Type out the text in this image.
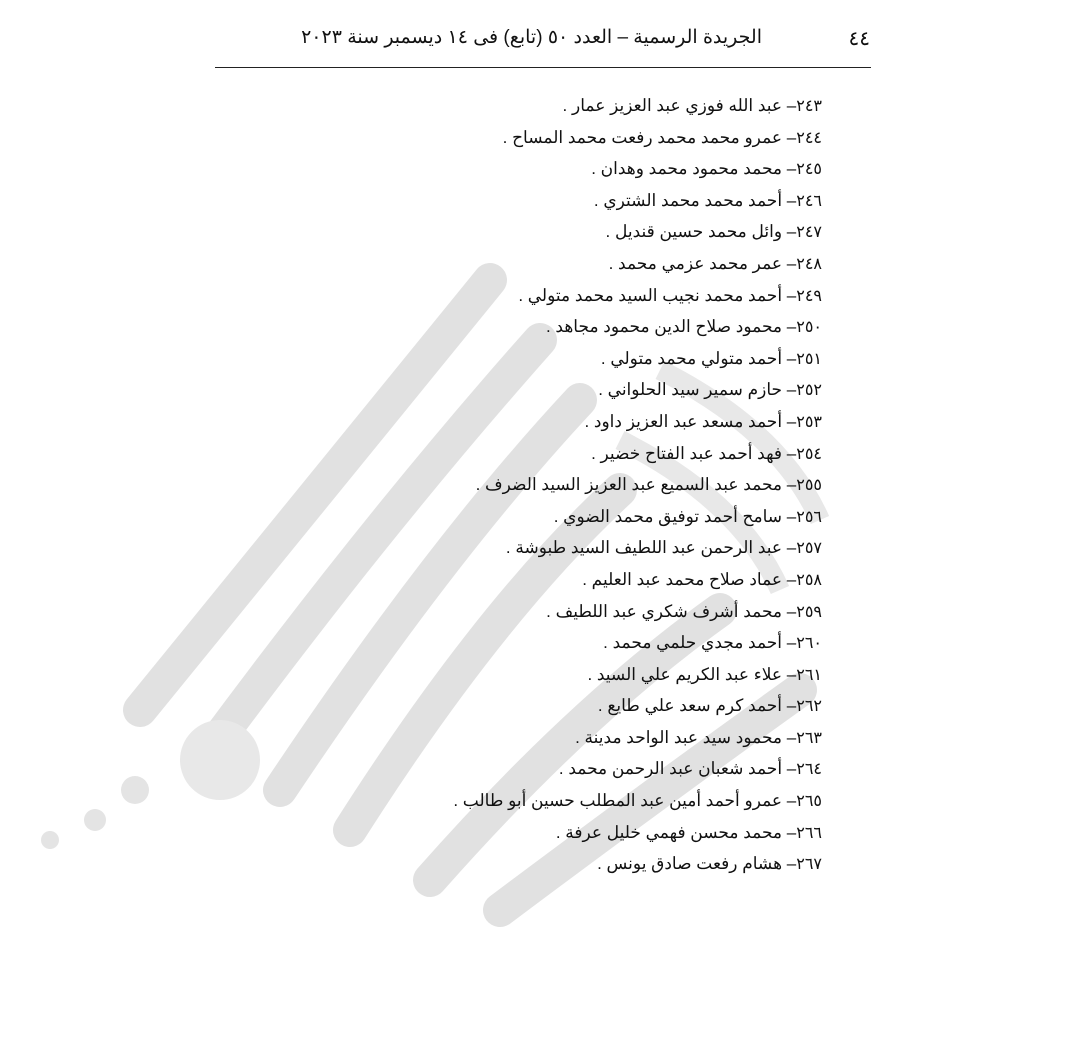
٤٤
الجريدة الرسمية – العدد ٥٠ (تابع) فى ١٤ ديسمبر سنة ٢٠٢٣
٢٤٣– عبد الله فوزي عبد العزيز عمار .
٢٤٤– عمرو محمد محمد رفعت محمد المساح .
٢٤٥– محمد محمود محمد وهدان .
٢٤٦– أحمد محمد محمد الشتري .
٢٤٧– وائل محمد حسين قنديل .
٢٤٨– عمر محمد عزمي محمد .
٢٤٩– أحمد محمد نجيب السيد محمد متولي .
٢٥٠– محمود صلاح الدين محمود مجاهد .
٢٥١– أحمد متولي محمد متولي .
٢٥٢– حازم سمير سيد الحلواني .
٢٥٣– أحمد مسعد عبد العزيز داود .
٢٥٤– فهد أحمد عبد الفتاح خضير .
٢٥٥– محمد عبد السميع عبد العزيز السيد الضرف .
٢٥٦– سامح أحمد توفيق محمد الضوي .
٢٥٧– عبد الرحمن عبد اللطيف السيد طبوشة .
٢٥٨– عماد صلاح محمد عبد العليم .
٢٥٩– محمد أشرف شكري عبد اللطيف .
٢٦٠– أحمد مجدي حلمي محمد .
٢٦١– علاء عبد الكريم علي السيد .
٢٦٢– أحمد كرم سعد علي طايع .
٢٦٣– محمود سيد عبد الواحد مدينة .
٢٦٤– أحمد شعبان عبد الرحمن محمد .
٢٦٥– عمرو أحمد أمين عبد المطلب حسين أبو طالب .
٢٦٦– محمد محسن فهمي خليل عرفة .
٢٦٧– هشام رفعت صادق يونس .
